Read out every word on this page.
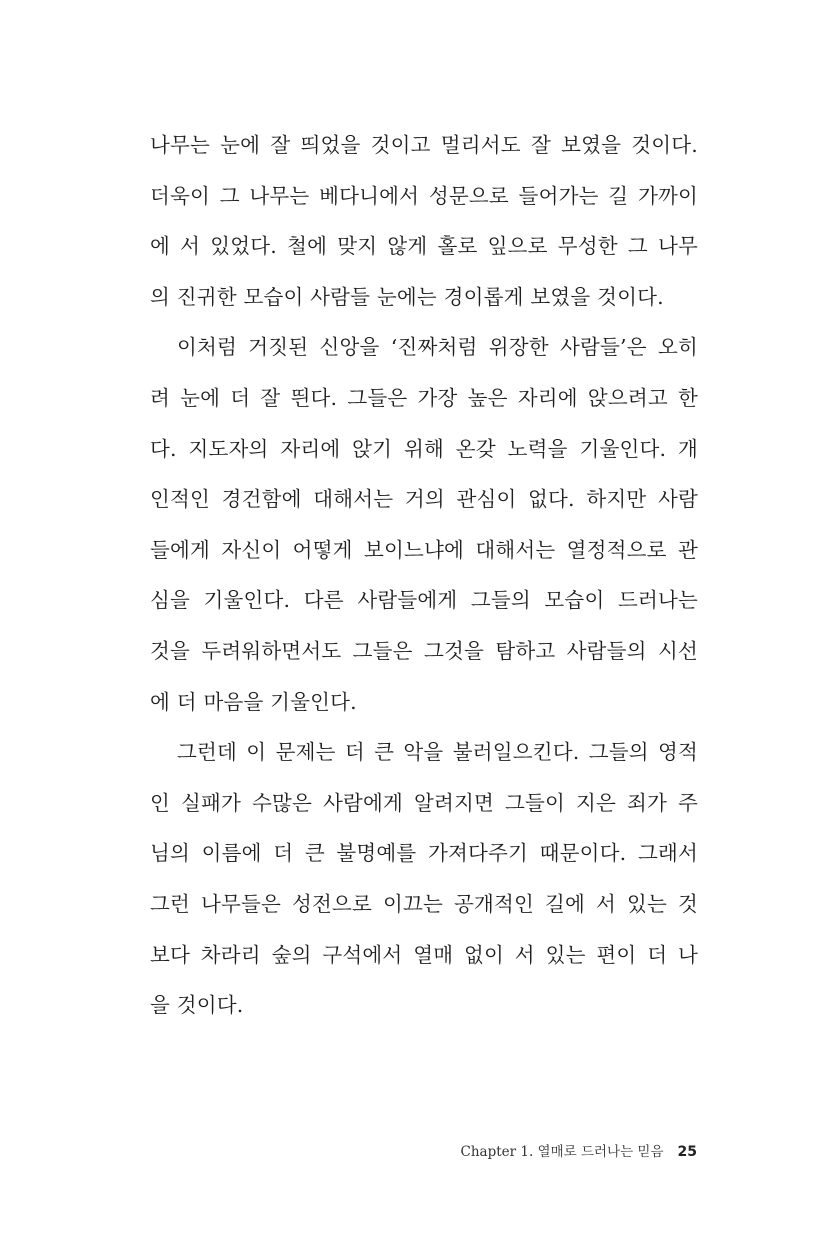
나무는 눈에 잘 띄었을 것이고 멀리서도 잘 보였을 것이다.
더욱이 그 나무는 베다니에서 성문으로 들어가는 길 가까이
에 서 있었다. 철에 맞지 않게 홀로 잎으로 무성한 그 나무
의 진귀한 모습이 사람들 눈에는 경이롭게 보였을 것이다.
이처럼 거짓된 신앙을 ‘진짜처럼 위장한 사람들’은 오히
려 눈에 더 잘 띈다. 그들은 가장 높은 자리에 앉으려고 한
다. 지도자의 자리에 앉기 위해 온갖 노력을 기울인다. 개
인적인 경건함에 대해서는 거의 관심이 없다. 하지만 사람
들에게 자신이 어떻게 보이느냐에 대해서는 열정적으로 관
심을 기울인다. 다른 사람들에게 그들의 모습이 드러나는
것을 두려워하면서도 그들은 그것을 탐하고 사람들의 시선
에 더 마음을 기울인다.
그런데 이 문제는 더 큰 악을 불러일으킨다. 그들의 영적
인 실패가 수많은 사람에게 알려지면 그들이 지은 죄가 주
님의 이름에 더 큰 불명예를 가져다주기 때문이다. 그래서
그런 나무들은 성전으로 이끄는 공개적인 길에 서 있는 것
보다 차라리 숲의 구석에서 열매 없이 서 있는 편이 더 나
을 것이다.
Chapter 1. 열매로 드러나는 믿음 25
